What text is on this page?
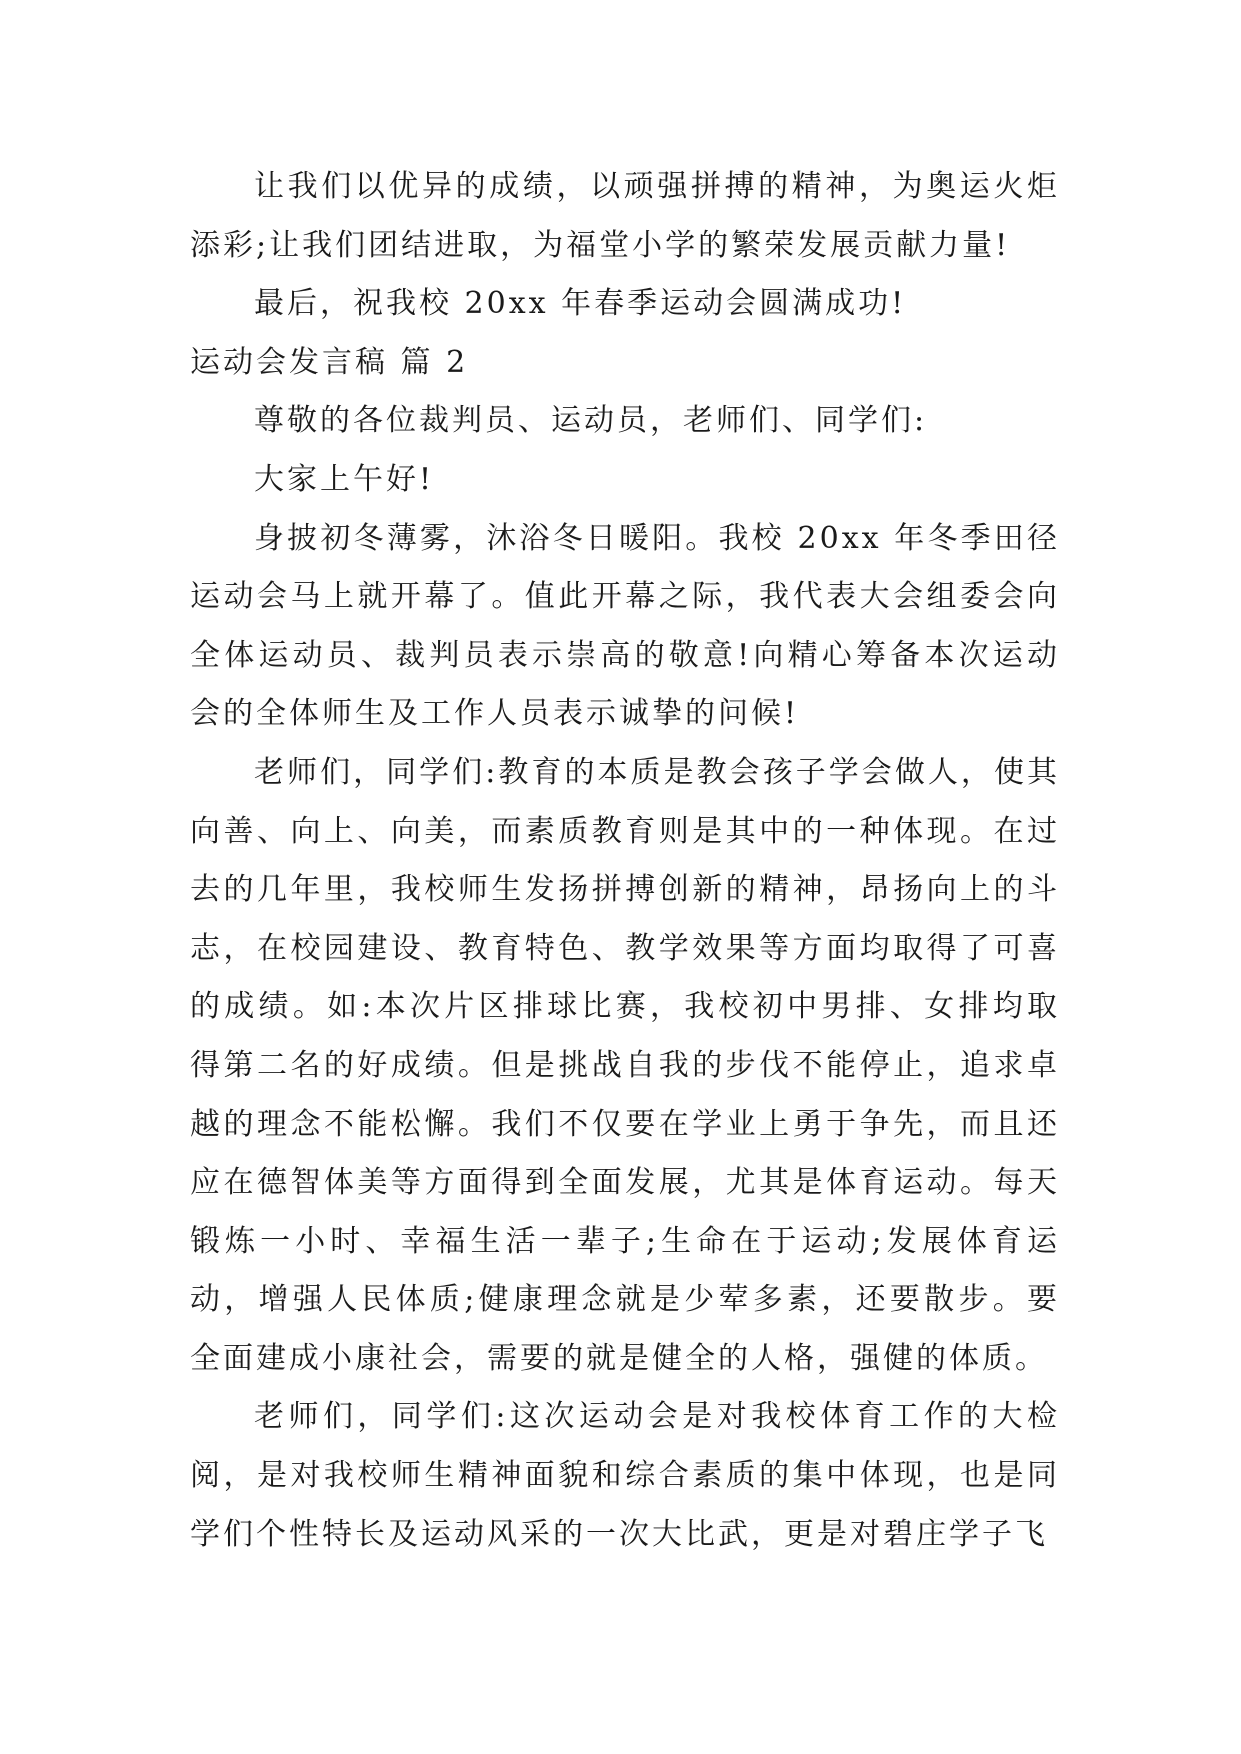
让我们以优异的成绩，以顽强拼搏的精神，为奥运火炬添彩;让我们团结进取，为福堂小学的繁荣发展贡献力量!

最后，祝我校 20xx 年春季运动会圆满成功!

运动会发言稿 篇 2

尊敬的各位裁判员、运动员，老师们、同学们:

大家上午好!

身披初冬薄雾，沐浴冬日暖阳。我校 20xx 年冬季田径运动会马上就开幕了。值此开幕之际，我代表大会组委会向全体运动员、裁判员表示崇高的敬意!向精心筹备本次运动会的全体师生及工作人员表示诚挚的问候!

老师们，同学们:教育的本质是教会孩子学会做人，使其向善、向上、向美，而素质教育则是其中的一种体现。在过去的几年里，我校师生发扬拼搏创新的精神，昂扬向上的斗志，在校园建设、教育特色、教学效果等方面均取得了可喜的成绩。如:本次片区排球比赛，我校初中男排、女排均取得第二名的好成绩。但是挑战自我的步伐不能停止，追求卓越的理念不能松懈。我们不仅要在学业上勇于争先，而且还应在德智体美等方面得到全面发展，尤其是体育运动。每天锻炼一小时、幸福生活一辈子;生命在于运动;发展体育运动，增强人民体质;健康理念就是少荤多素，还要散步。要全面建成小康社会，需要的就是健全的人格，强健的体质。

老师们，同学们:这次运动会是对我校体育工作的大检阅，是对我校师生精神面貌和综合素质的集中体现，也是同学们个性特长及运动风采的一次大比武，更是对碧庄学子飞
